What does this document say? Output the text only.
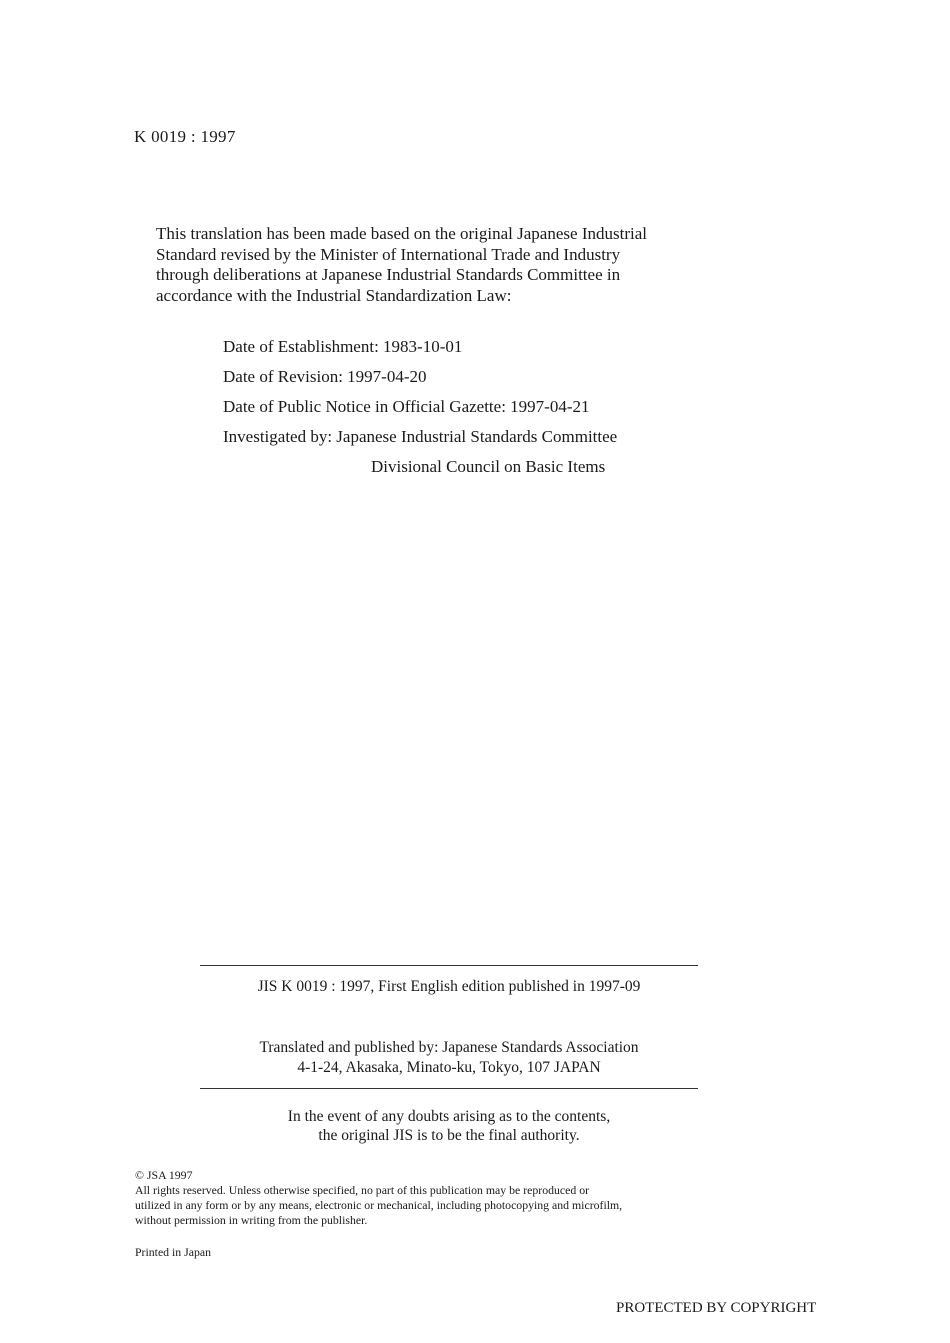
K 0019 : 1997
This translation has been made based on the original Japanese Industrial
Standard revised by the Minister of International Trade and Industry
through deliberations at Japanese Industrial Standards Committee in
accordance with the Industrial Standardization Law:
Date of Establishment: 1983-10-01
Date of Revision: 1997-04-20
Date of Public Notice in Official Gazette: 1997-04-21
Investigated by: Japanese Industrial Standards Committee
Divisional Council on Basic Items
JIS K 0019 : 1997, First English edition published in 1997-09
Translated and published by: Japanese Standards Association
4-1-24, Akasaka, Minato-ku, Tokyo, 107 JAPAN
In the event of any doubts arising as to the contents,
the original JIS is to be the final authority.
© JSA 1997
All rights reserved. Unless otherwise specified, no part of this publication may be reproduced or
utilized in any form or by any means, electronic or mechanical, including photocopying and microfilm,
without permission in writing from the publisher.
Printed in Japan
PROTECTED BY COPYRIGHT
